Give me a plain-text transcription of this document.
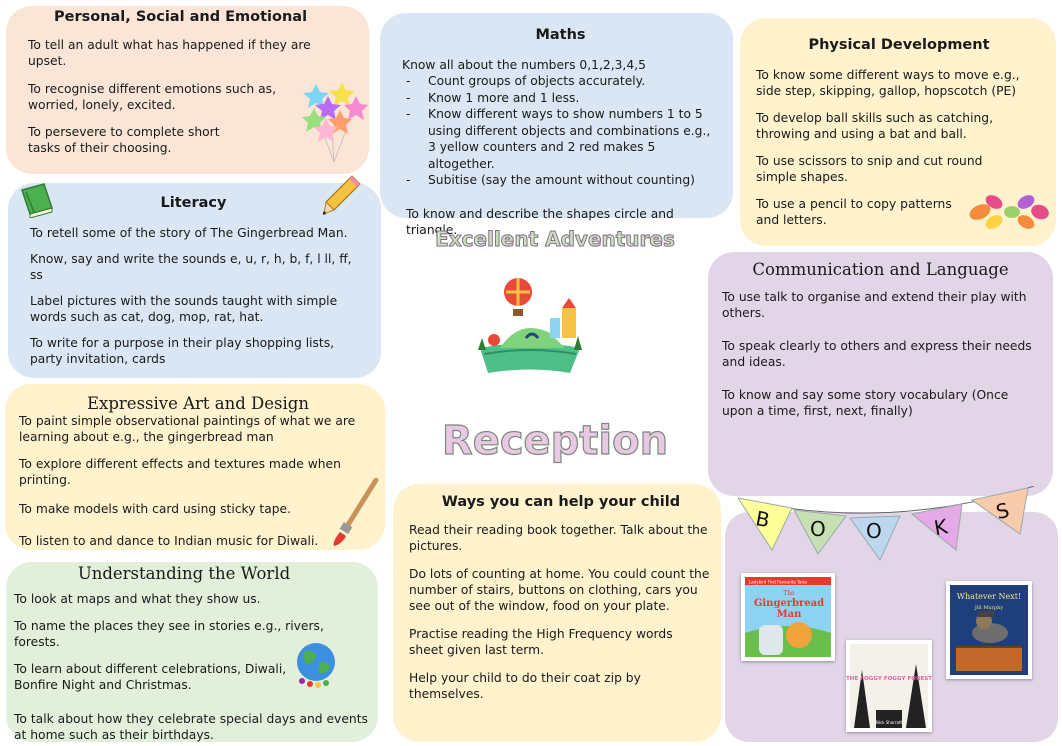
Personal, Social and Emotional

To tell an adult what has happened if they are upset.

To recognise different emotions such as, worried, lonely, excited.

To persevere to complete short tasks of their choosing.

Literacy

To retell some of the story of The Gingerbread Man.

Know, say and write the sounds e, u, r, h, b, f, l ll, ff, ss

Label pictures with the sounds taught with simple words such as cat, dog, mop, rat, hat.

To write for a purpose in their play shopping lists, party invitation, cards

Maths

Know all about the numbers 0,1,2,3,4,5

- Count groups of objects accurately.
- Know 1 more and 1 less.
- Know different ways to show numbers 1 to 5 using different objects and combinations e.g., 3 yellow counters and 2 red makes 5 altogether.
- Subitise (say the amount without counting)

To know and describe the shapes circle and triangle.

Physical Development

To know some different ways to move e.g., side step, skipping, gallop, hopscotch (PE)

To develop ball skills such as catching, throwing and using a bat and ball.

To use scissors to snip and cut round simple shapes.

To use a pencil to copy patterns and letters.

Excellent Adventures
Reception
Communication and Language

To use talk to organise and extend their play with others.

To speak clearly to others and express their needs and ideas.

To know and say some story vocabulary (Once upon a time, first, next, finally)

Expressive Art and Design

To paint simple observational paintings of what we are learning about e.g., the gingerbread man

To explore different effects and textures made when printing.

To make models with card using sticky tape.

To listen to and dance to Indian music for Diwali.

Understanding the World

To look at maps and what they show us.

To name the places they see in stories e.g., rivers, forests.

To learn about different celebrations, Diwali, Bonfire Night and Christmas.

To talk about how they celebrate special days and events at home such as their birthdays.

Ways you can help your child

Read their reading book together. Talk about the pictures.

Do lots of counting at home. You could count the number of stairs, buttons on clothing, cars you see out of the window, food on your plate.

Practise reading the High Frequency words sheet given last term.

Help your child to do their coat zip by themselves.

B O O	K
S
Ladybird First Favourite Tales
The
Gingerbread
Man
THE FOGGY FOGGY FOREST
Nick Sharratt
Whatever Next!
Jill Murphy
